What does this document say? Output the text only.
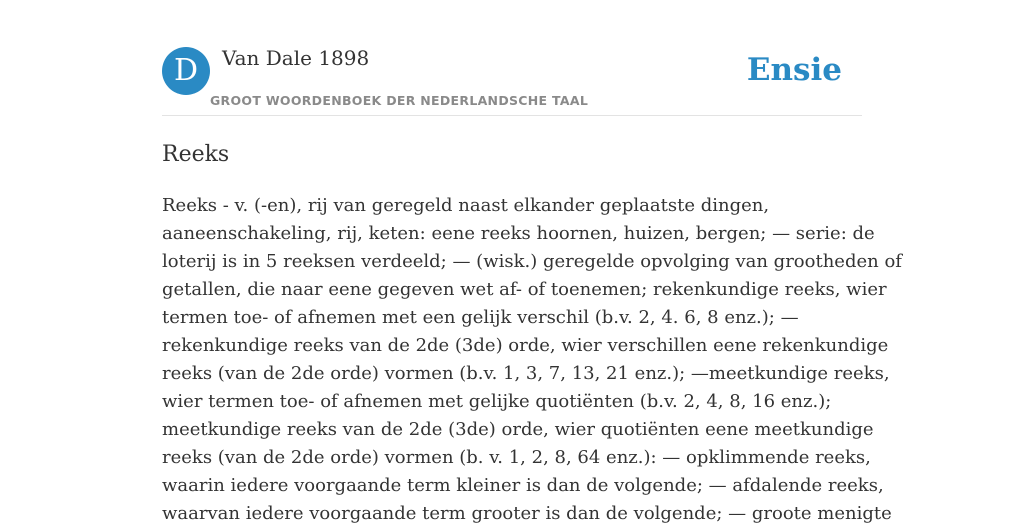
D	Van Dale 1898
GROOT WOORDENBOEK DER NEDERLANDSCHE TAAL
Ensie
Reeks

Reeks - v. (-en), rij van geregeld naast elkander geplaatste dingen,
aaneenschakeling, rij, keten: eene reeks hoornen, huizen, bergen; — serie: de
loterij is in 5 reeksen verdeeld; — (wisk.) geregelde opvolging van grootheden of
getallen, die naar eene gegeven wet af- of toenemen; rekenkundige reeks, wier
termen toe- of afnemen met een gelijk verschil (b.v. 2, 4. 6, 8 enz.); —
rekenkundige reeks van de 2de (3de) orde, wier verschillen eene rekenkundige
reeks (van de 2de orde) vormen (b.v. 1, 3, 7, 13, 21 enz.); —meetkundige reeks,
wier termen toe- of afnemen met gelijke quotiënten (b.v. 2, 4, 8, 16 enz.);
meetkundige reeks van de 2de (3de) orde, wier quotiënten eene meetkundige
reeks (van de 2de orde) vormen (b. v. 1, 2, 8, 64 enz.): — opklimmende reeks,
waarin iedere voorgaande term kleiner is dan de volgende; — afdalende reeks,
waarvan iedere voorgaande term grooter is dan de volgende; — groote menigte
